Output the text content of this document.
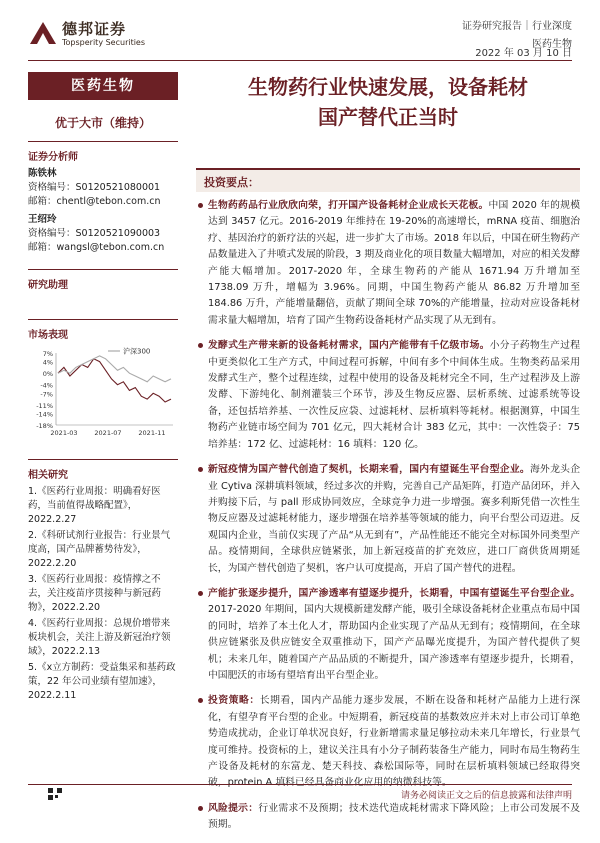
德邦证券
Topsperity Securities
证券研究报告｜行业深度
医药生物
2022 年 03 月 10 日
医药生物
优于大市（维持）
证券分析师
陈铁林
资格编号：S0120521080001
邮箱：chentl@tebon.com.cn
王绍玲
资格编号：S0120521090003
邮箱：wangsl@tebon.com.cn
研究助理
市场表现
7%
4%
0%
-4%
-7%
-11%
-14%
-18%
2021-03	2021-07	2021-11
沪深300
相关研究
1.《医药行业周报：明确看好医药，当前值得战略配置》，2022.2.27
2.《科研试剂行业报告：行业景气度高，国产品牌蓄势待发》，2022.2.20
3.《医药行业周报：疫情撑之不去，关注疫苗序贯接种与新冠药物》，2022.2.20
4.《医药行业周报：总规价增带来板块机会，关注上游及新冠治疗领域》，2022.2.13
5.《ⅹ立方制药：受益集采和基药政策，22 年公司业绩有望加速》，2022.2.11
生物药行业快速发展，设备耗材
国产替代正当时
投资要点：
生物药药品行业欣欣向荣，打开国产设备耗材企业成长天花板。中国 2020 年的规模达到 3457 亿元。2016-2019 年维持在 19-20%的高速增长，mRNA 疫苗、细胞治疗、基因治疗的新疗法的兴起，进一步扩大了市场。2018 年以后，中国在研生物药产品数量进入了井喷式发展的阶段，3 期及商业化的项目数量大幅增加，对应的相关发酵产能大幅增加。2017-2020 年，全球生物药的产能从 1671.94 万升增加至 1738.09 万升，增幅为 3.96%。同期，中国生物药产能从 86.82 万升增加至 184.86 万升，产能增量翻倍，贡献了期间全球 70%的产能增量，拉动对应设备耗材需求量大幅增加，培育了国产生物药设备耗材产品实现了从无到有。
发酵式生产带来新的设备耗材需求，国内产能带有千亿级市场。小分子药物生产过程中更类似化工生产方式，中间过程可拆解，中间有多个中间体生成。生物类药品采用发酵式生产，整个过程连续，过程中使用的设备及耗材完全不同，生产过程涉及上游发酵、下游纯化、制剂灌装三个环节，涉及生物反应器、层析系统、过滤系统等设备，还包括培养基、一次性反应袋、过滤耗材、层析填料等耗材。根据测算，中国生物药产业链市场空间为 701 亿元，四大耗材合计 383 亿元，其中：一次性袋子：75 培养基：172 亿、过滤耗材：16 填料：120 亿。
新冠疫情为国产替代创造了契机，长期来看，国内有望诞生平台型企业。海外龙头企业 Cytiva 深耕填料领域，经过多次的并购，完善自己产品矩阵，打造产品闭环，并入并购接下后，与 pall 形成协同效应，全球竞争力进一步增强。赛多利斯凭借一次性生物反应器及过滤耗材能力，逐步增强在培养基等领域的能力，向平台型公司迈进。反观国内企业，当前仅实现了产品“从无到有”，产品性能还不能完全对标国外同类型产品。疫情期间，全球供应链紧张，加上新冠疫苗的扩充效应，进口厂商供货周期延长，为国产替代创造了契机，客户认可度提高，开启了国产替代的进程。
产能扩张逐步提升，国产渗透率有望逐步提升，长期看，中国有望诞生平台型企业。2017-2020 年期间，国内大规模新建发酵产能，吸引全球设备耗材企业重点布局中国的同时，培养了本土化人才，帮助国内企业实现了产品从无到有；疫情期间，在全球供应链紧张及供应链安全双重推动下，国产产品曝光度提升，为国产替代提供了契机；未来几年，随着国产产品品质的不断提升，国产渗透率有望逐步提升，长期看，中国肥沃的市场有望培育出平台型企业。
投资策略：长期看，国内产品能力逐步发展，不断在设备和耗材产品能力上进行深化，有望孕育平台型的企业。中短期看，新冠疫苗的基数效应并未对上市公司订单绝势造成扰动，企业订单状况良好，行业新增需求量足够拉动未来几年增长，行业景气度可维持。投资标的上，建议关注具有小分子制药装备生产能力，同时布局生物药生产设备及耗材的东富龙、楚天科技、森松国际等，同时在层析填料领域已经取得突破，protein A 填料已经具备商业化应用的纳微科技等。
风险提示：行业需求不及预期；技术迭代造成耗材需求下降风险；上市公司发展不及预期。
请务必阅读正文之后的信息披露和法律声明
